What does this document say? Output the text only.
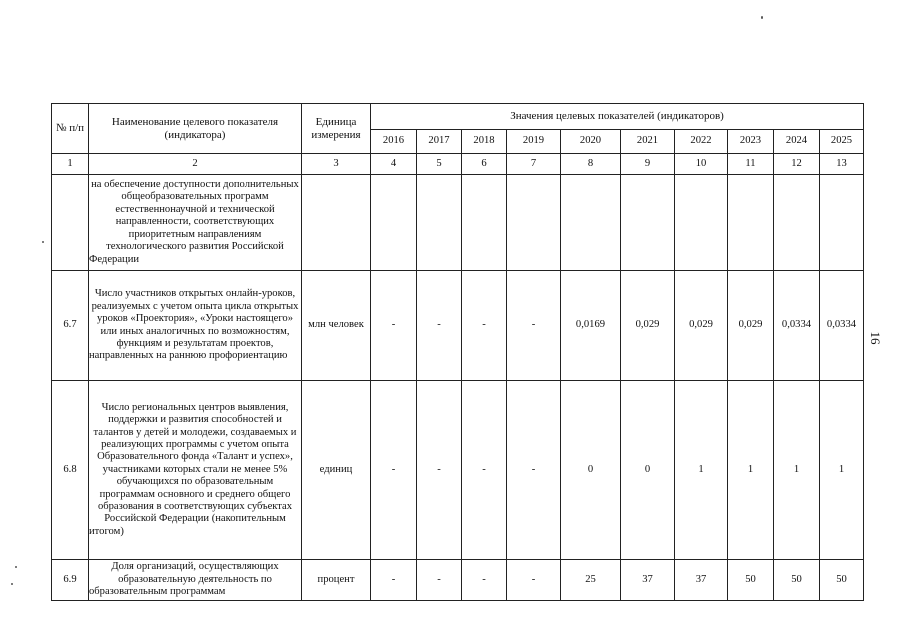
16
№ п/п	Наименование целевого показателя (индикатора)	Единица измерения	Значения целевых показателей (индикаторов)									
			2016	2017	2018	2019	2020	2021	2022	2023	2024	2025
1	2	3	4	5	6	7	8	9	10	11	12	13
	на обеспечение доступности дополнительных общеобразовательных программ естественнонаучной и технической направленности, соответствующих приоритетным направлениям технологического развития Российской Федерации											
6.7	Число участников открытых онлайн-уроков, реализуемых с учетом опыта цикла открытых уроков «Проектория», «Уроки настоящего» или иных аналогичных по возможностям, функциям и результатам проектов, направленных на раннюю профориентацию	млн человек	-	-	-	-	0,0169	0,029	0,029	0,029	0,0334	0,0334
6.8	Число региональных центров выявления, поддержки и развития способностей и талантов у детей и молодежи, создаваемых и реализующих программы с учетом опыта Образовательного фонда «Талант и успех», участниками которых стали не менее 5% обучающихся по образовательным программам основного и среднего общего образования в соответствующих субъектах Российской Федерации (накопительным итогом)	единиц	-	-	-	-	0	0	1	1	1	1
6.9	Доля организаций, осуществляющих образовательную деятельность по образовательным программам	процент	-	-	-	-	25	37	37	50	50	50
